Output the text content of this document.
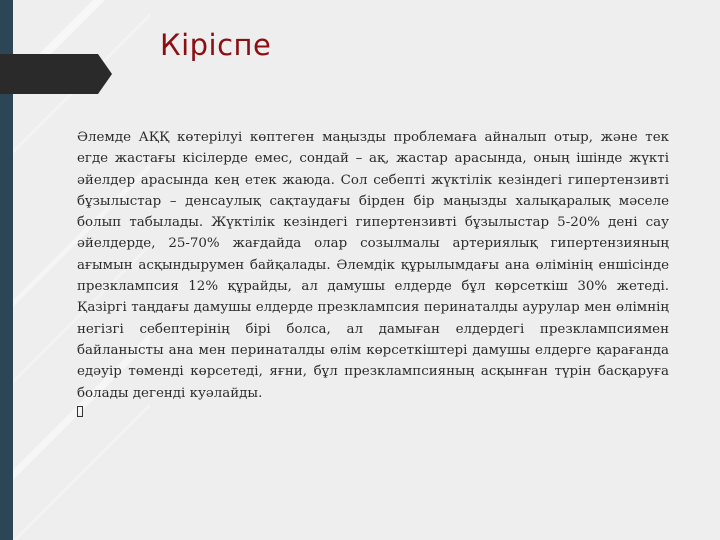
Кіріспе

Әлемде АҚҚ көтерілуі көптеген маңызды проблемаға айналып отыр, және тек егде жастағы кісілерде емес, сондай – ақ, жастар арасында, оның ішінде жүкті әйелдер арасында кең етек жаюда. Сол себепті жүктілік кезіндегі гипертензивті бұзылыстар – денсаулық сақтаудағы бірден бір маңызды халықаралық мәселе болып табылады. Жүктілік кезіндегі гипертензивті бұзылыстар 5-20% дені сау әйелдерде, 25-70% жағдайда олар созылмалы артериялық гипертензияның ағымын асқындырумен байқалады. Әлемдік құрылымдағы ана өлімінің еншісінде презклампсия 12% құрайды, ал дамушы елдерде бұл көрсеткіш 30% жетеді. Қазіргі таңдағы дамушы елдерде презклампсия перинаталды аурулар мен өлімнің негізгі себептерінің бірі болса, ал дамыған елдердегі презклампсиямен байланысты ана мен перинаталды өлім көрсеткіштері дамушы елдерге қарағанда едәуір төменді көрсетеді, яғни, бұл презклампсияның асқынған түрін басқаруға болады дегенді куәлайды.
